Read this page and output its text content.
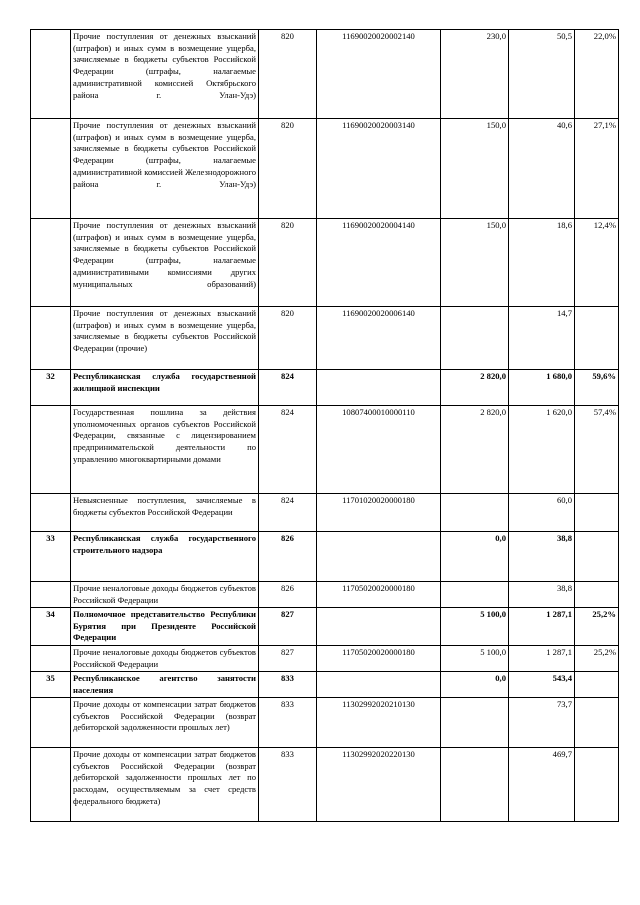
	Прочие поступления от денежных взысканий (штрафов) и иных сумм в возмещение ущерба, зачисляемые в бюджеты субъектов Российской Федерации (штрафы, налагаемые административной комиссией Октябрьского района г. Улан-Удэ)	820	11690020020002140	230,0	50,5	22,0%
	Прочие поступления от денежных взысканий (штрафов) и иных сумм в возмещение ущерба, зачисляемые в бюджеты субъектов Российской Федерации (штрафы, налагаемые административной комиссией Железнодорожного района г. Улан-Удэ)	820	11690020020003140	150,0	40,6	27,1%
	Прочие поступления от денежных взысканий (штрафов) и иных сумм в возмещение ущерба, зачисляемые в бюджеты субъектов Российской Федерации (штрафы, налагаемые административными комиссиями других муниципальных образований)	820	11690020020004140	150,0	18,6	12,4%
	Прочие поступления от денежных взысканий (штрафов) и иных сумм в возмещение ущерба, зачисляемые в бюджеты субъектов Российской Федерации (прочие)	820	11690020020006140		14,7	
32	Республиканская служба государственной жилищной инспекции	824		2 820,0	1 680,0	59,6%
	Государственная пошлина за действия уполномоченных органов субъектов Российской Федерации, связанные с лицензированием предпринимательской деятельности по управлению многоквартирными домами	824	10807400010000110	2 820,0	1 620,0	57,4%
	Невыясненные поступления, зачисляемые в бюджеты субъектов Российской Федерации	824	11701020020000180		60,0	
33	Республиканская служба государственного строительного надзора	826		0,0	38,8	
	Прочие неналоговые доходы бюджетов субъектов Российской Федерации	826	11705020020000180		38,8	
34	Полномочное представительство Республики Бурятия при Президенте Российской Федерации	827		5 100,0	1 287,1	25,2%
	Прочие неналоговые доходы бюджетов субъектов Российской Федерации	827	11705020020000180	5 100,0	1 287,1	25,2%
35	Республиканское агентство занятости населения	833		0,0	543,4	
	Прочие доходы от компенсации затрат бюджетов субъектов Российской Федерации (возврат дебиторской задолженности прошлых лет)	833	11302992020210130		73,7	
	Прочие доходы от компенсации затрат бюджетов субъектов Российской Федерации (возврат дебиторской задолженности прошлых лет по расходам, осуществляемым за счет средств федерального бюджета)	833	11302992020220130		469,7	
